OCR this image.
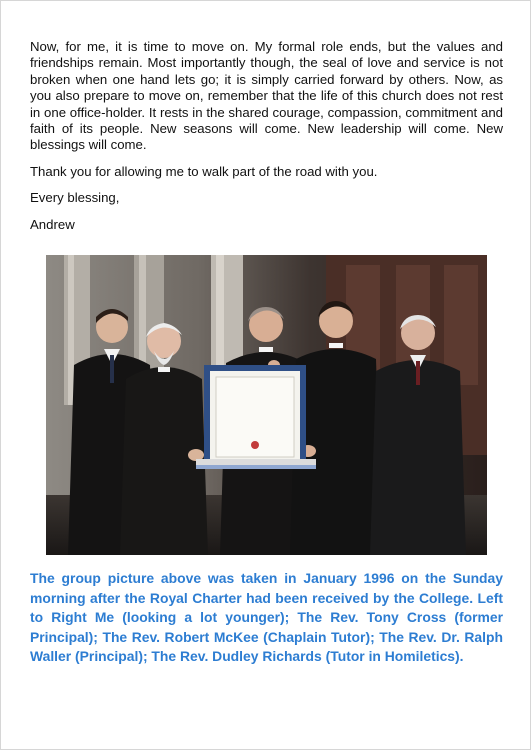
Now, for me, it is time to move on. My formal role ends, but the values and friendships remain. Most importantly though, the seal of love and service is not broken when one hand lets go; it is simply carried forward by others. Now, as you also prepare to move on, remember that the life of this church does not rest in one office-holder. It rests in the shared courage, compassion, commitment and faith of its people. New seasons will come. New leadership will come. New blessings will come.

Thank you for allowing me to walk part of the road with you.

Every blessing,

Andrew

The group picture above was taken in January 1996 on the Sunday morning after the Royal Charter had been received by the College. Left to Right Me (looking a lot younger); The Rev. Tony Cross (former Principal); The Rev. Robert McKee (Chaplain Tutor); The Rev. Dr. Ralph Waller (Principal); The Rev. Dudley Richards (Tutor in Homiletics).
